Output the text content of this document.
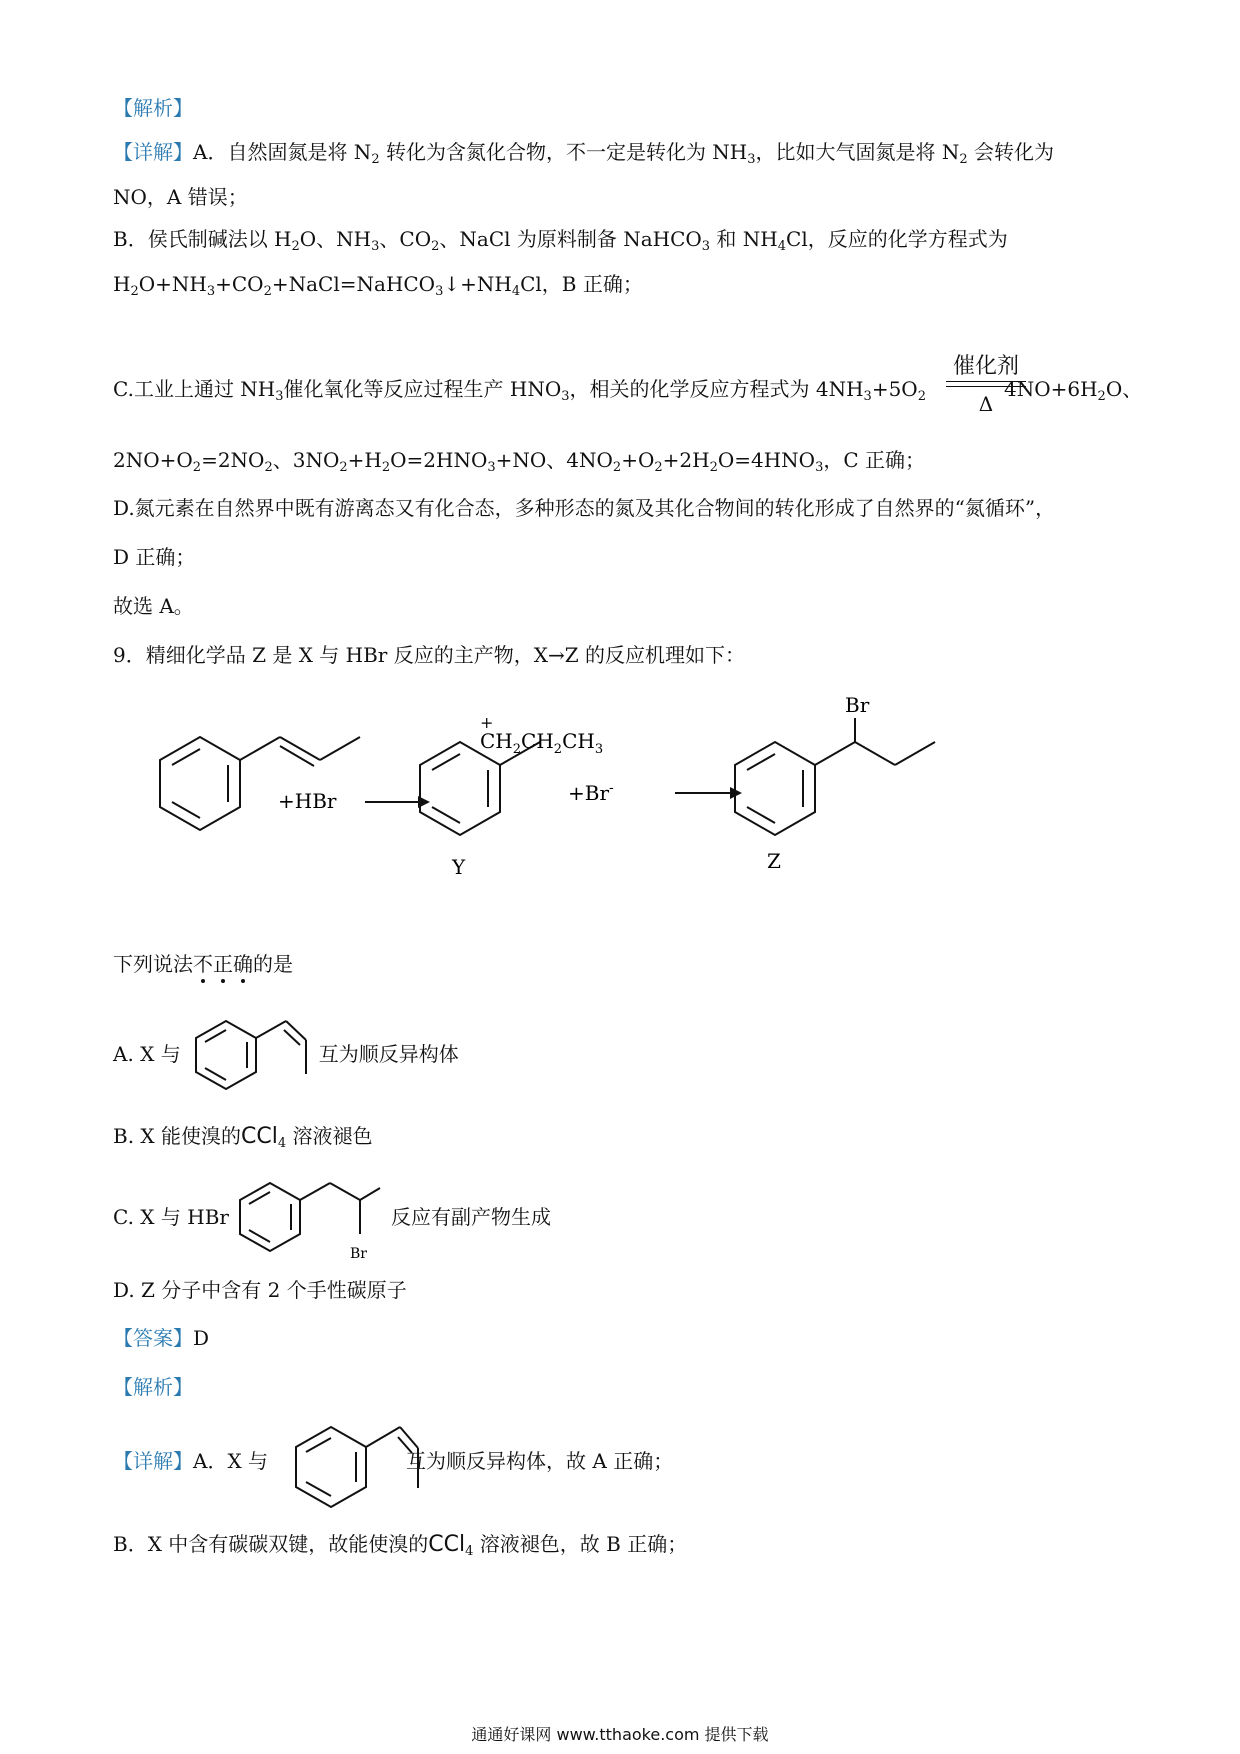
【解析】
【详解】A．自然固氮是将 $N_2$ 转化为含氮化合物，不一定是转化为 $NH_3$，比如大气固氮是将 $N_2$ 会转化为
NO，A 错误；
B．侯氏制碱法以 $H_2O$、$NH_3$、$CO_2$、NaCl 为原料制备 NaHCO$_3$ 和 $NH_4Cl$，反应的化学方程式为
$H_2O+NH_3+CO_2+NaCl=NaHCO_3↓+NH_4Cl$，B 正确；
C.工业上通过 $NH_3$催化氧化等反应过程生产 $HNO_3$，相关的化学反应方程式为 $4NH_3+5O_2$	$4NO+6H_2O$、
催化剂
Δ
$2NO+O_2=2NO_2$、$3NO_2+H_2O=2HNO_3+NO$、$4NO_2+O_2+2H_2O=4HNO_3$，C 正确；
D.氮元素在自然界中既有游离态又有化合态，多种形态的氮及其化合物间的转化形成了自然界的“氮循环”，
D 正确；
故选 A。
9．精细化学品 Z 是 X 与 HBr 反应的主产物，X→Z 的反应机理如下：
+HBr
+
$CH_2CH_2CH_3$
+Br-
Y	Z
Br
下列说法不正确的是
A. X 与	互为顺反异构体
B. X 能使溴的CCl$_4$ 溶液褪色
C. X 与 HBr	反应有副产物生成
Br
D. Z 分子中含有 2 个手性碳原子
【答案】D
【解析】
【详解】A．X 与	互为顺反异构体，故 A 正确；
B．X 中含有碳碳双键，故能使溴的CCl$_4$ 溶液褪色，故 B 正确；
通通好课网 www.tthaoke.com 提供下载
